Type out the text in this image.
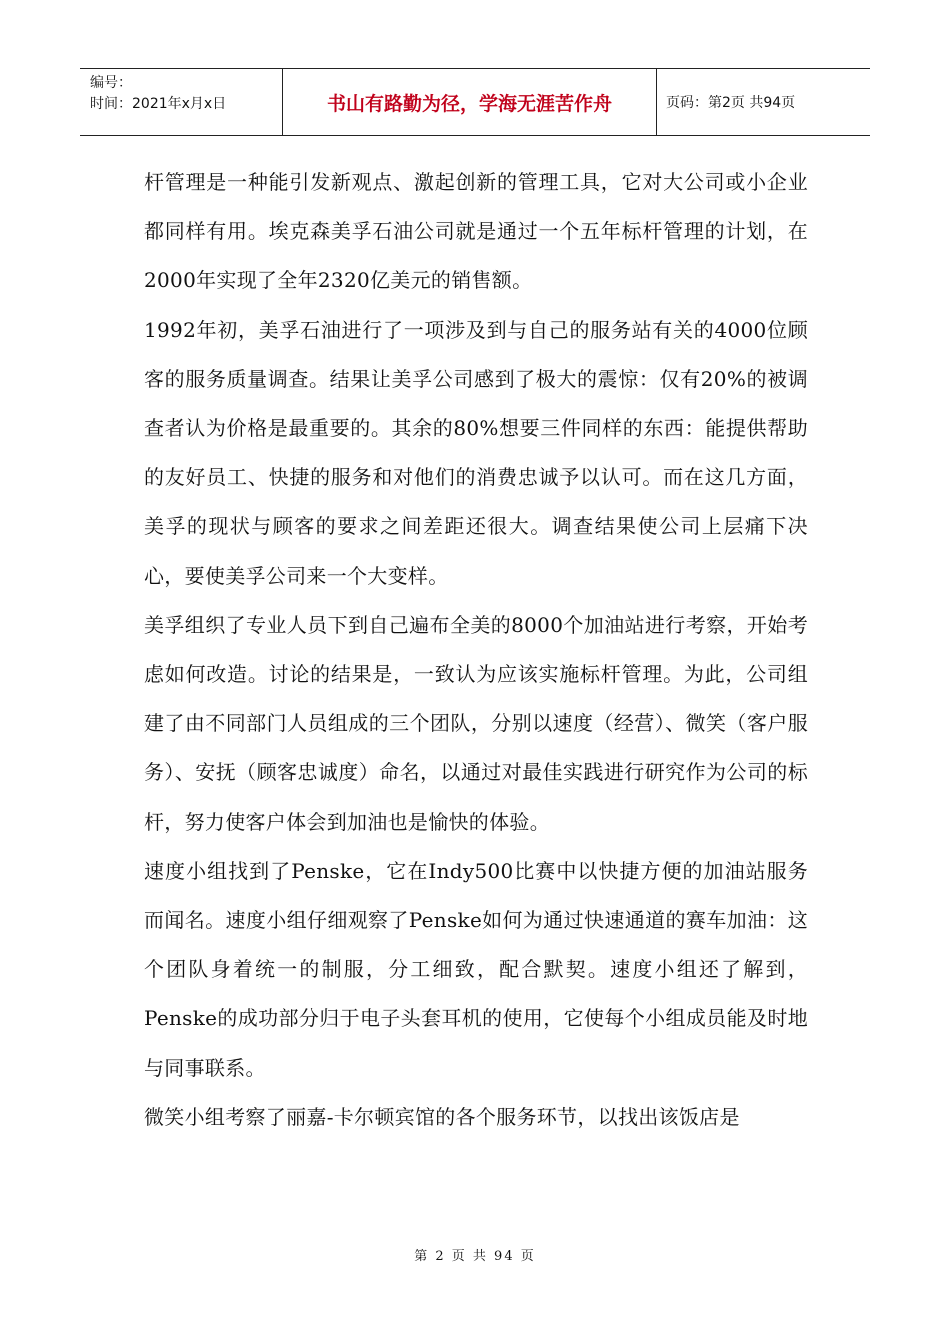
编号：
时间：2021年x月x日	书山有路勤为径，学海无涯苦作舟	页码：第2页 共94页

杆管理是一种能引发新观点、激起创新的管理工具，它对大公司或小企业都同样有用。埃克森美孚石油公司就是通过一个五年标杆管理的计划，在2000年实现了全年2320亿美元的销售额。

1992年初，美孚石油进行了一项涉及到与自己的服务站有关的4000位顾客的服务质量调查。结果让美孚公司感到了极大的震惊：仅有20%的被调查者认为价格是最重要的。其余的80%想要三件同样的东西：能提供帮助的友好员工、快捷的服务和对他们的消费忠诚予以认可。而在这几方面，美孚的现状与顾客的要求之间差距还很大。调查结果使公司上层痛下决心，要使美孚公司来一个大变样。

美孚组织了专业人员下到自己遍布全美的8000个加油站进行考察，开始考虑如何改造。讨论的结果是，一致认为应该实施标杆管理。为此，公司组建了由不同部门人员组成的三个团队，分别以速度（经营）、微笑（客户服务）、安抚（顾客忠诚度）命名，以通过对最佳实践进行研究作为公司的标杆，努力使客户体会到加油也是愉快的体验。

速度小组找到了Penske，它在Indy500比赛中以快捷方便的加油站服务而闻名。速度小组仔细观察了Penske如何为通过快速通道的赛车加油：这个团队身着统一的制服，分工细致，配合默契。速度小组还了解到，Penske的成功部分归于电子头套耳机的使用，它使每个小组成员能及时地与同事联系。

微笑小组考察了丽嘉-卡尔顿宾馆的各个服务环节，以找出该饭店是

第 2 页 共 94 页
